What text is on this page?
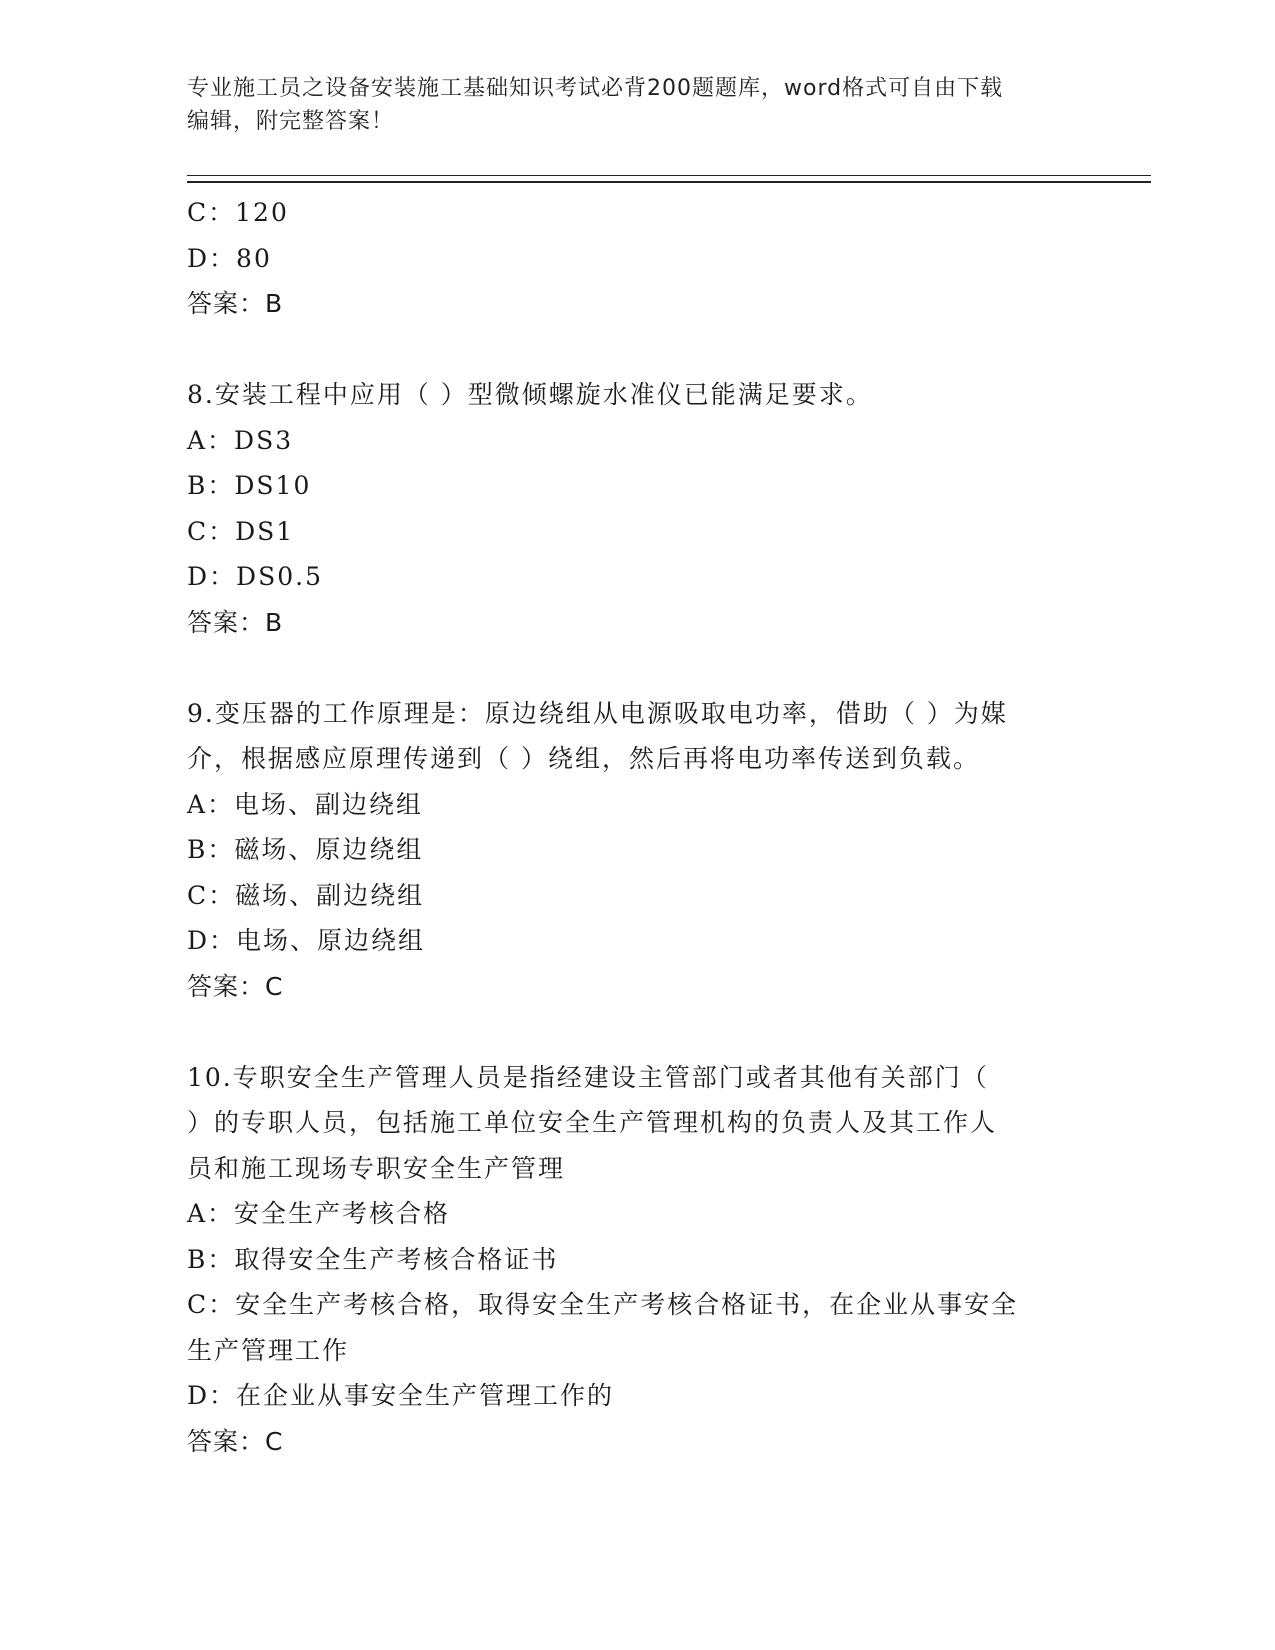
专业施工员之设备安装施工基础知识考试必背200题题库，word格式可自由下载
编辑，附完整答案！
C：120
D：80
答案：B
8.安装工程中应用（ ）型微倾螺旋水准仪已能满足要求。
A：DS3
B：DS10
C：DS1
D：DS0.5
答案：B
9.变压器的工作原理是：原边绕组从电源吸取电功率，借助（ ）为媒
介，根据感应原理传递到（ ）绕组，然后再将电功率传送到负载。
A：电场、副边绕组
B：磁场、原边绕组
C：磁场、副边绕组
D：电场、原边绕组
答案：C
10.专职安全生产管理人员是指经建设主管部门或者其他有关部门（
）的专职人员，包括施工单位安全生产管理机构的负责人及其工作人
员和施工现场专职安全生产管理
A：安全生产考核合格
B：取得安全生产考核合格证书
C：安全生产考核合格，取得安全生产考核合格证书，在企业从事安全
生产管理工作
D：在企业从事安全生产管理工作的
答案：C
